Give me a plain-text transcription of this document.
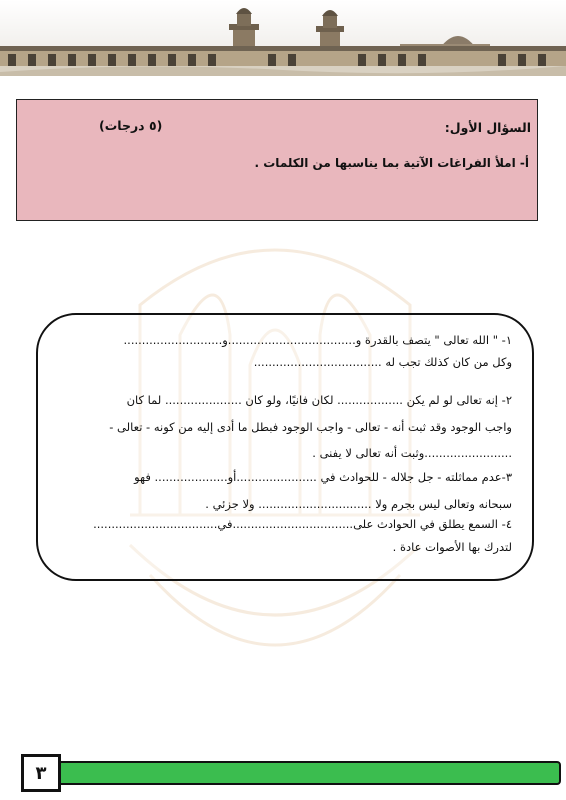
السؤال الأول:
(٥ درجات)
أ- املأ الفراغات الآتية بما يناسبها من الكلمات .
١- " الله تعالى " يتصف بالقدرة و...................................و...........................
وكل من كان كذلك تجب له ...................................
٢- إنه تعالى لو لم يكن .................. لكان فانيًا، ولو كان ..................... لما كان
واجب الوجود وقد ثبت أنه - تعالى - واجب الوجود فبطل ما أدى إليه من كونه - تعالى -
........................وثبت أنه تعالى لا يفنى .
٣-عدم مماثلته - جل جلاله - للحوادث في ......................أو.................... فهو
سبحانه وتعالى ليس بجرم ولا ............................... ولا جزئي .
٤- السمع يطلق في الحوادث على.................................في..................................
لتدرك بها الأصوات عادة .
٣
